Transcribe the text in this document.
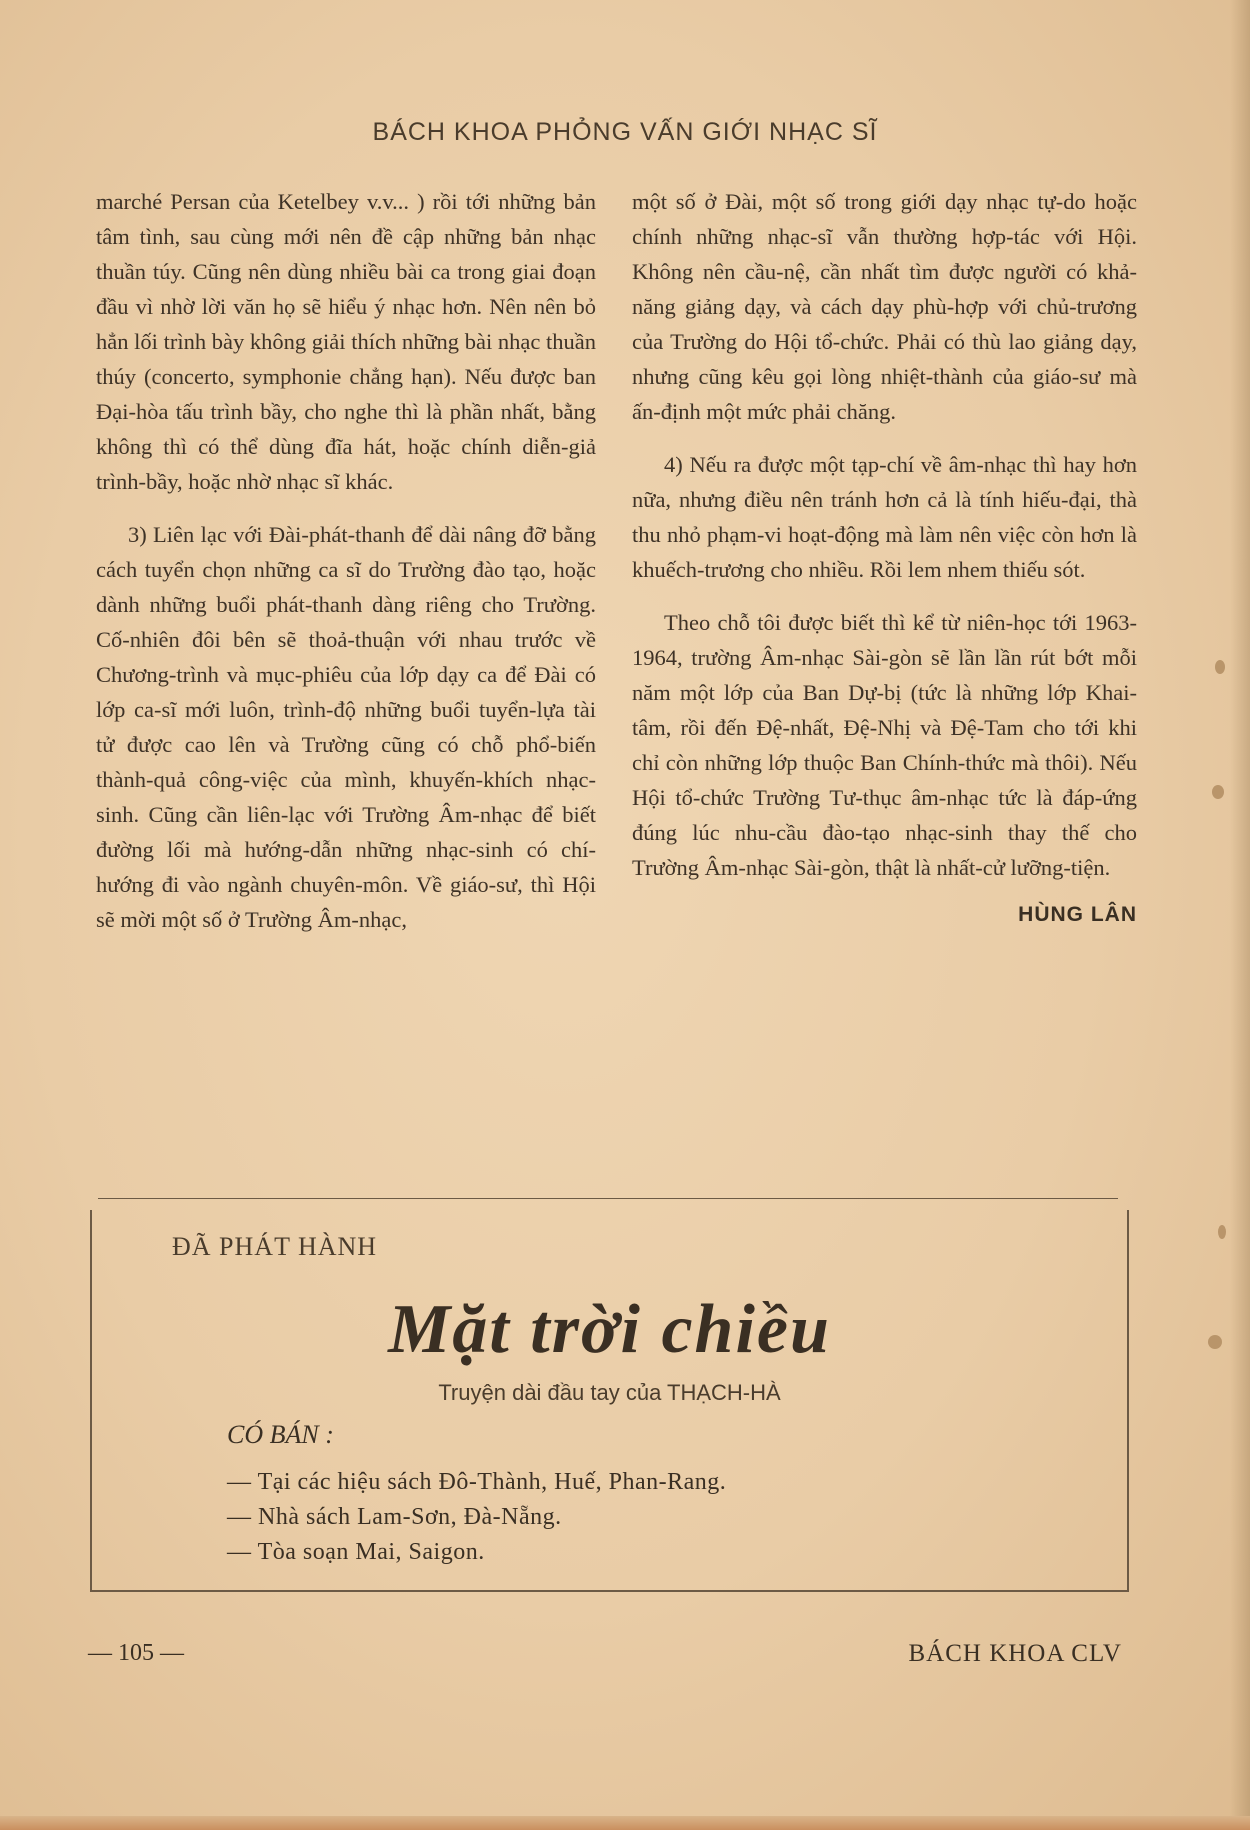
BÁCH KHOA PHỎNG VẤN GIỚI NHẠC SĨ

marché Persan của Ketelbey v.v... ) rồi tới những bản tâm tình, sau cùng mới nên đề cập những bản nhạc thuần túy. Cũng nên dùng nhiều bài ca trong giai đoạn đầu vì nhờ lời văn họ sẽ hiểu ý nhạc hơn. Nên nên bỏ hẳn lối trình bày không giải thích những bài nhạc thuần thúy (concerto, symphonie chẳng hạn). Nếu được ban Đại-hòa tấu trình bầy, cho nghe thì là phần nhất, bằng không thì có thể dùng đĩa hát, hoặc chính diễn-giả trình-bầy, hoặc nhờ nhạc sĩ khác.

3) Liên lạc với Đài-phát-thanh để dài nâng đỡ bằng cách tuyển chọn những ca sĩ do Trường đào tạo, hoặc dành những buổi phát-thanh dàng riêng cho Trường. Cố-nhiên đôi bên sẽ thoả-thuận với nhau trước về Chương-trình và mục-phiêu của lớp dạy ca để Đài có lớp ca-sĩ mới luôn, trình-độ những buổi tuyển-lựa tài tử được cao lên và Trường cũng có chỗ phổ-biến thành-quả công-việc của mình, khuyến-khích nhạc-sinh. Cũng cần liên-lạc với Trường Âm-nhạc để biết đường lối mà hướng-dẫn những nhạc-sinh có chí-hướng đi vào ngành chuyên-môn. Về giáo-sư, thì Hội sẽ mời một số ở Trường Âm-nhạc,

một số ở Đài, một số trong giới dạy nhạc tự-do hoặc chính những nhạc-sĩ vẫn thường hợp-tác với Hội. Không nên cầu-nệ, cần nhất tìm được người có khả-năng giảng dạy, và cách dạy phù-hợp với chủ-trương của Trường do Hội tổ-chức. Phải có thù lao giảng dạy, nhưng cũng kêu gọi lòng nhiệt-thành của giáo-sư mà ấn-định một mức phải chăng.

4) Nếu ra được một tạp-chí về âm-nhạc thì hay hơn nữa, nhưng điều nên tránh hơn cả là tính hiếu-đại, thà thu nhỏ phạm-vi hoạt-động mà làm nên việc còn hơn là khuếch-trương cho nhiều. Rồi lem nhem thiếu sót.

Theo chỗ tôi được biết thì kể từ niên-học tới 1963-1964, trường Âm-nhạc Sài-gòn sẽ lần lần rút bớt mỗi năm một lớp của Ban Dự-bị (tức là những lớp Khai-tâm, rồi đến Đệ-nhất, Đệ-Nhị và Đệ-Tam cho tới khi chỉ còn những lớp thuộc Ban Chính-thức mà thôi). Nếu Hội tổ-chức Trường Tư-thục âm-nhạc tức là đáp-ứng đúng lúc nhu-cầu đào-tạo nhạc-sinh thay thế cho Trường Âm-nhạc Sài-gòn, thật là nhất-cử lưỡng-tiện.

HÙNG LÂN
ĐÃ PHÁT HÀNH
Mặt trời chiều
Truyện dài đầu tay của THẠCH-HÀ
CÓ BÁN :
— Tại các hiệu sách Đô-Thành, Huế, Phan-Rang.
— Nhà sách Lam-Sơn, Đà-Nẵng.
— Tòa soạn Mai, Saigon.
— 105 —	BÁCH KHOA CLV
